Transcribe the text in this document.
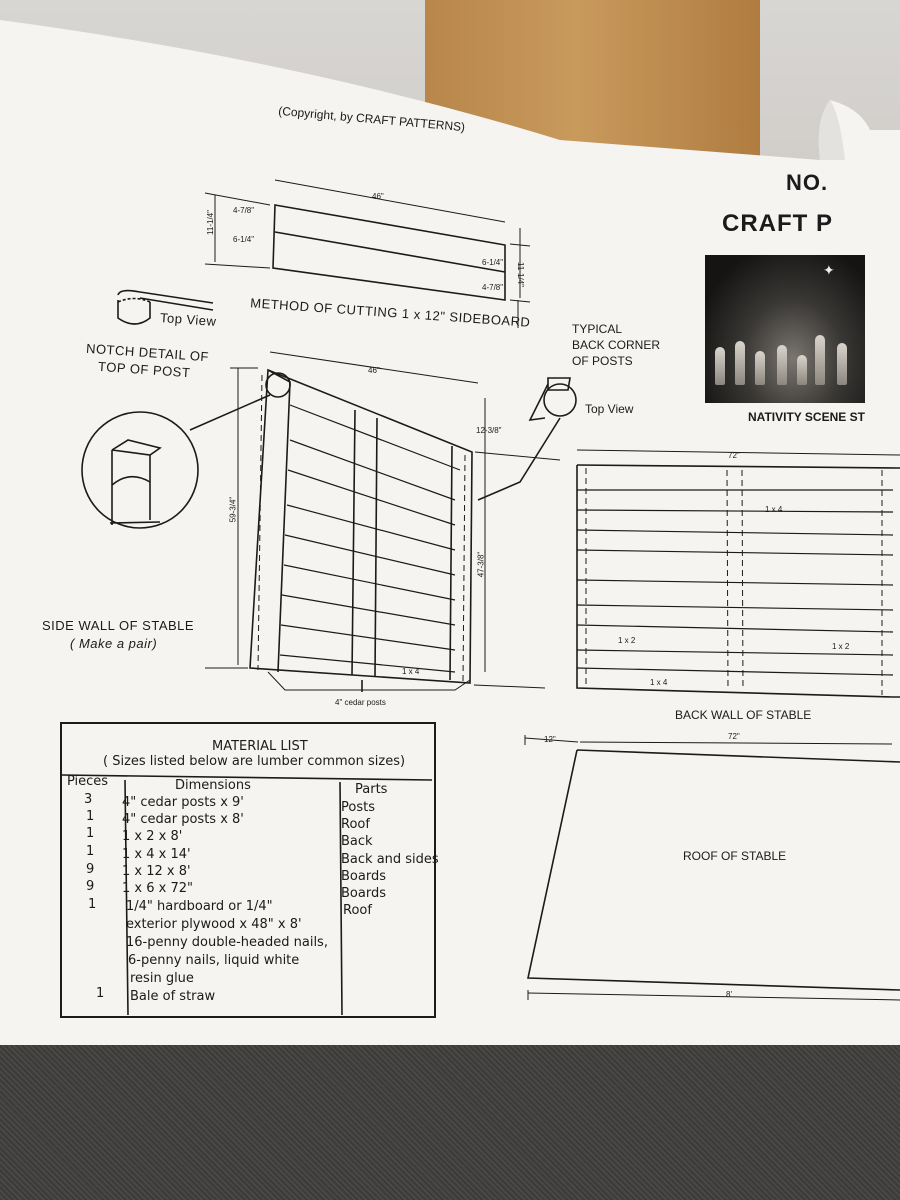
(Copyright, by CRAFT PATTERNS)
NO.
CRAFT P
✦
NATIVITY SCENE ST
46"
4-7/8"
6-1/4"
11-1/4"
6-1/4"
4-7/8"
11-1/4"
METHOD OF CUTTING 1 x 12" SIDEBOARD
Top View
NOTCH DETAIL OF
TOP OF POST
TYPICAL
BACK CORNER
OF POSTS
Top View
46"
59-3/4"
47-3/8"
12-3/8"
1 x 4
4" cedar posts
SIDE WALL OF STABLE
( Make a pair)
72"
1 x 4
1 x 2
1 x 2
1 x 4
BACK WALL OF STABLE
12"	72"
ROOF OF STABLE
8'
MATERIAL LIST
( Sizes listed below are lumber common sizes)
Pieces	Dimensions	Parts
3 4" cedar posts x 9'	Posts
1 4" cedar posts x 8'	Roof
1 1 x 2 x 8'	Back
1 1 x 4 x 14'	Back and sides
9 1 x 12 x 8'	Boards
9 1 x 6 x 72"	Boards
1 1/4" hardboard or 1/4"	Roof
exterior plywood x 48" x 8'
16-penny double-headed nails,
6-penny nails, liquid white
resin glue
1 Bale of straw
